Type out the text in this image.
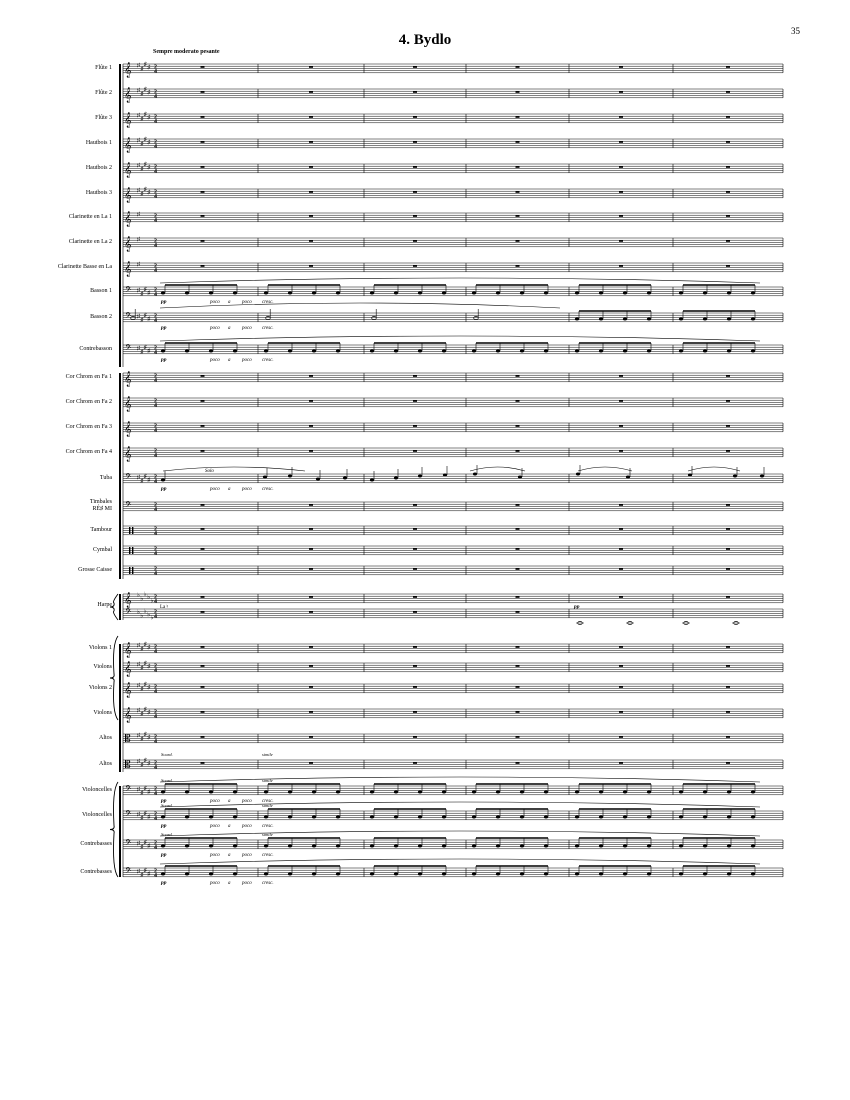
35
4. Bydlo
Sempre moderato pesante
Flûte 1
Flûte 2
Flûte 3
Hautbois 1
Hautbois 2
Hautbois 3
Clarinette en La 1
Clarinette en La 2
Clarinette Basse en La
Basson 1
Basson 2
Contrebasson
Cor Chrom en Fa 1
Cor Chrom en Fa 2
Cor Chrom en Fa 3
Cor Chrom en Fa 4
Tuba
Timbales
RÉ♯ MI
Tambour
Cymbal
Grosse Caisse
Harpe
Violons 1
Violons
Violons 2
Violons
Altos
Altos
Violoncelles
Violoncelles
Contrebasses
Contrebasses
𝄞 ♯
♯
♯
♯ 2
4
𝄞 ♯
♯
♯
♯ 2
4
𝄞 ♯
♯
♯
♯ 2
4
𝄞 ♯
♯
♯
♯ 2
4
𝄞 ♯
♯
♯
♯ 2
4
𝄞 ♯
♯
♯
♯ 2
4
𝄞 ♯ 2
4
𝄞 ♯ 2
4
𝄞 ♯ 2
4
𝄢 ♯
♯
♯
♯
2
4
pp	poco a poco cresc.
𝄢 ♯
♯
♯
♯
2
4
pp	poco a poco cresc.
𝄢 ♯
♯
♯
♯
2
4
pp	poco a poco cresc.
𝄞	2
4
𝄞	2
4
𝄞	2
4
𝄞	2
4
𝄢 ♯
♯
♯
♯
2
4
Solo
pp	poco a poco cresc.
𝄢	2
4
2
4
2
4
2
4
𝄞 ♭
♭
♭
♭
♭
2
4
𝄢 ♭
♭
♭
♭
♭
2
4
La ♮	pp
𝄞 ♯
♯
♯
♯ 2
4
𝄞 ♯
♯
♯
♯ 2
4
𝄞 ♯
♯
♯
♯ 2
4
𝄞 ♯
♯
♯
♯ 2
4
𝄡 ♯
♯
♯
♯ 2
4
𝄡 ♯
♯
♯
♯ 2
4
𝄢 ♯
♯
♯
♯
2
4
pp	poco a poco cresc.
𝄢 ♯
♯
♯
♯
2
4
pp	poco a poco cresc.
𝄢 ♯
♯
♯
♯
2
4
pp	poco a poco cresc.
𝄢 ♯
♯
♯
♯
2
4
pp	poco a poco cresc.
Sourd.	simile
Sourd.	simile
Sourd.	simile
Sourd.	simile
